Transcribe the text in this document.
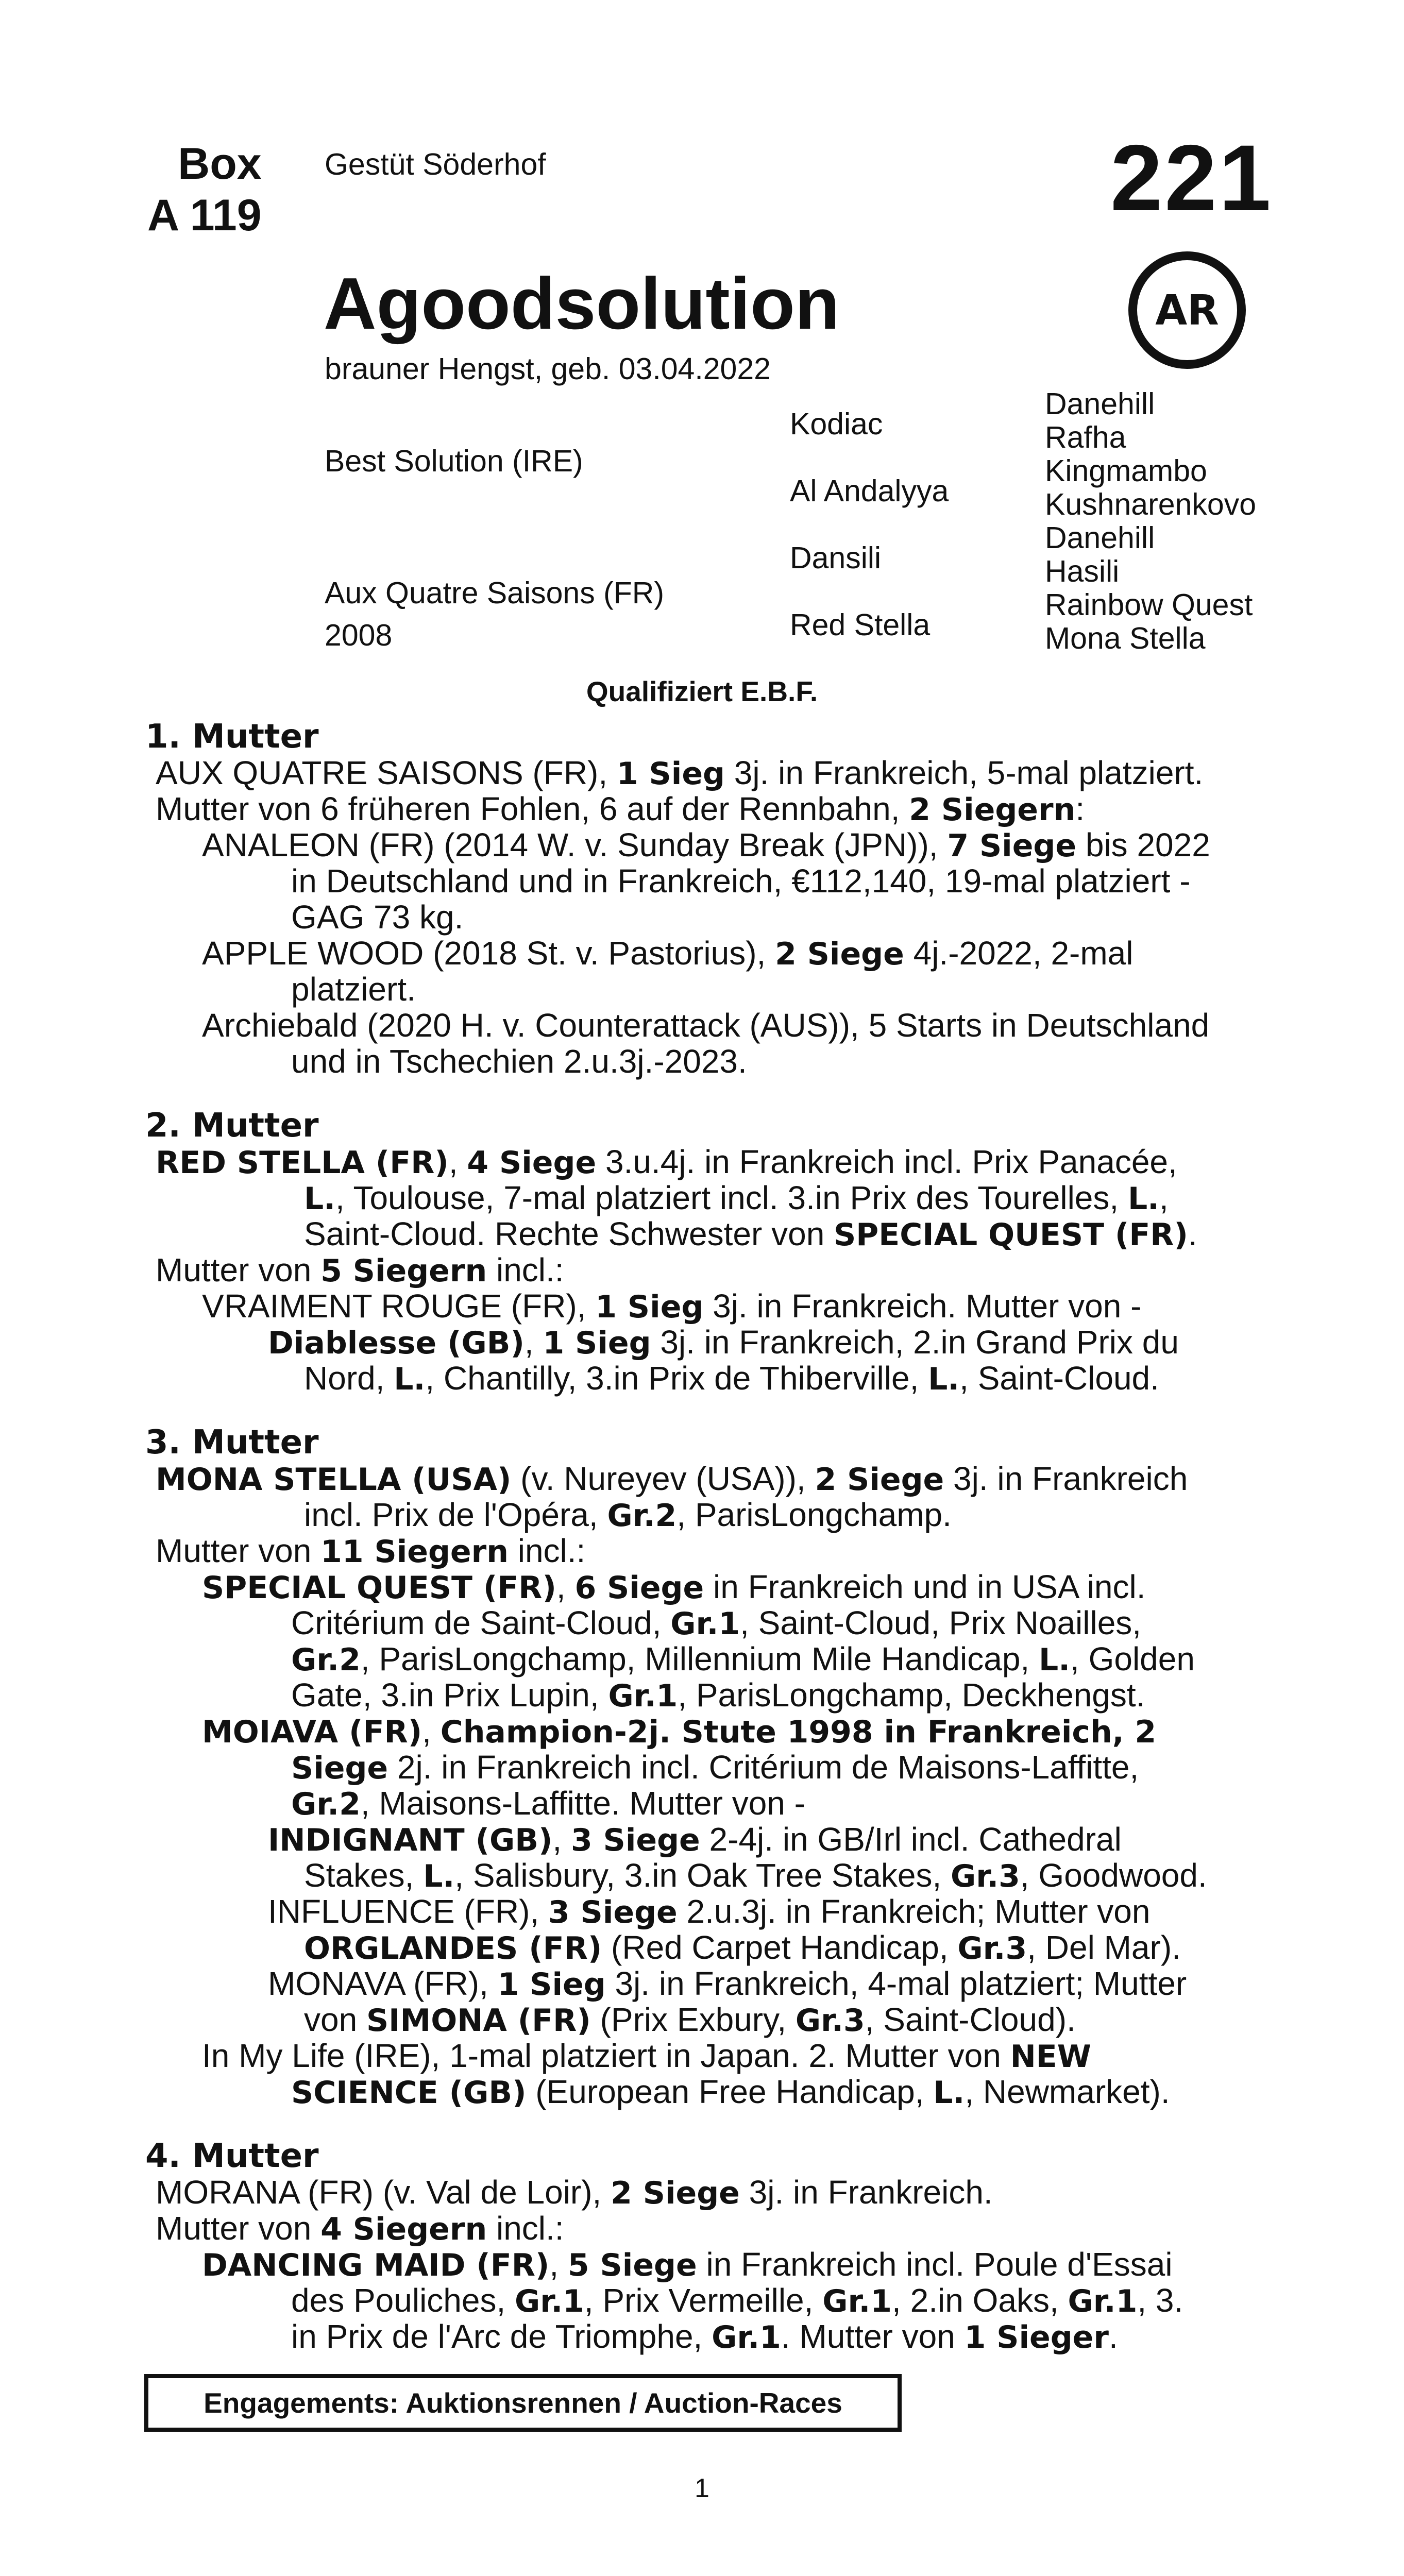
Box
A 119
Gestüt Söderhof	221
AR
Agoodsolution
brauner Hengst, geb. 03.04.2022
Best Solution (IRE)
Aux Quatre Saisons (FR)
2008
Kodiac
Al Andalyya
Dansili
Red Stella
Danehill
Rafha
Kingmambo
Kushnarenkovo
Danehill
Hasili
Rainbow Quest
Mona Stella
Qualifiziert E.B.F.
1. Mutter
AUX QUATRE SAISONS (FR), 1 Sieg 3j. in Frankreich, 5-mal platziert.
Mutter von 6 früheren Fohlen, 6 auf der Rennbahn, 2 Siegern:
ANALEON (FR) (2014 W. v. Sunday Break (JPN)), 7 Siege bis 2022
in Deutschland und in Frankreich, €112,140, 19-mal platziert -
GAG 73 kg.
APPLE WOOD (2018 St. v. Pastorius), 2 Siege 4j.-2022, 2-mal
platziert.
Archiebald (2020 H. v. Counterattack (AUS)), 5 Starts in Deutschland
und in Tschechien 2.u.3j.-2023.
2. Mutter
RED STELLA (FR), 4 Siege 3.u.4j. in Frankreich incl. Prix Panacée,
L., Toulouse, 7-mal platziert incl. 3.in Prix des Tourelles, L.,
Saint-Cloud. Rechte Schwester von SPECIAL QUEST (FR).
Mutter von 5 Siegern incl.:
VRAIMENT ROUGE (FR), 1 Sieg 3j. in Frankreich. Mutter von -
Diablesse (GB), 1 Sieg 3j. in Frankreich, 2.in Grand Prix du
Nord, L., Chantilly, 3.in Prix de Thiberville, L., Saint-Cloud.
3. Mutter
MONA STELLA (USA) (v. Nureyev (USA)), 2 Siege 3j. in Frankreich
incl. Prix de l'Opéra, Gr.2, ParisLongchamp.
Mutter von 11 Siegern incl.:
SPECIAL QUEST (FR), 6 Siege in Frankreich und in USA incl.
Critérium de Saint-Cloud, Gr.1, Saint-Cloud, Prix Noailles,
Gr.2, ParisLongchamp, Millennium Mile Handicap, L., Golden
Gate, 3.in Prix Lupin, Gr.1, ParisLongchamp, Deckhengst.
MOIAVA (FR), Champion-2j. Stute 1998 in Frankreich, 2
Siege 2j. in Frankreich incl. Critérium de Maisons-Laffitte,
Gr.2, Maisons-Laffitte. Mutter von -
INDIGNANT (GB), 3 Siege 2-4j. in GB/Irl incl. Cathedral
Stakes, L., Salisbury, 3.in Oak Tree Stakes, Gr.3, Goodwood.
INFLUENCE (FR), 3 Siege 2.u.3j. in Frankreich; Mutter von
ORGLANDES (FR) (Red Carpet Handicap, Gr.3, Del Mar).
MONAVA (FR), 1 Sieg 3j. in Frankreich, 4-mal platziert; Mutter
von SIMONA (FR) (Prix Exbury, Gr.3, Saint-Cloud).
In My Life (IRE), 1-mal platziert in Japan. 2. Mutter von NEW
SCIENCE (GB) (European Free Handicap, L., Newmarket).
4. Mutter
MORANA (FR) (v. Val de Loir), 2 Siege 3j. in Frankreich.
Mutter von 4 Siegern incl.:
DANCING MAID (FR), 5 Siege in Frankreich incl. Poule d'Essai
des Pouliches, Gr.1, Prix Vermeille, Gr.1, 2.in Oaks, Gr.1, 3.
in Prix de l'Arc de Triomphe, Gr.1. Mutter von 1 Sieger.
Engagements: Auktionsrennen / Auction-Races
1
